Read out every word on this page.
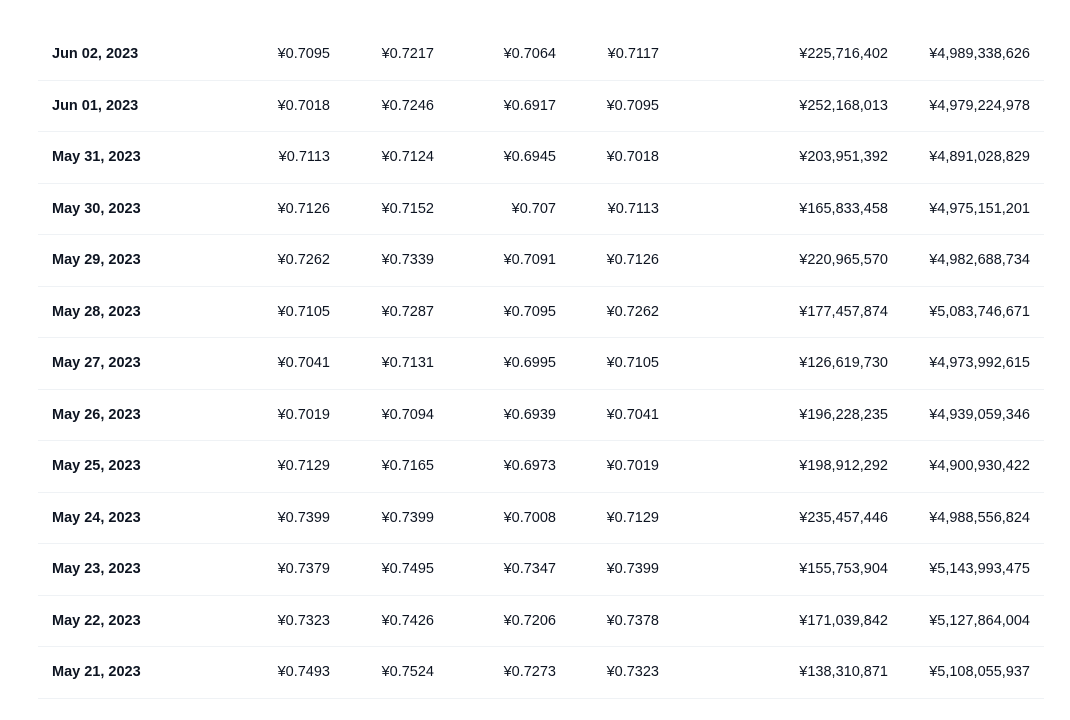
Jun 02, 2023	¥0.7095	¥0.7217	¥0.7064	¥0.7117	¥225,716,402	¥4,989,338,626
Jun 01, 2023	¥0.7018	¥0.7246	¥0.6917	¥0.7095	¥252,168,013	¥4,979,224,978
May 31, 2023	¥0.7113	¥0.7124	¥0.6945	¥0.7018	¥203,951,392	¥4,891,028,829
May 30, 2023	¥0.7126	¥0.7152	¥0.707	¥0.7113	¥165,833,458	¥4,975,151,201
May 29, 2023	¥0.7262	¥0.7339	¥0.7091	¥0.7126	¥220,965,570	¥4,982,688,734
May 28, 2023	¥0.7105	¥0.7287	¥0.7095	¥0.7262	¥177,457,874	¥5,083,746,671
May 27, 2023	¥0.7041	¥0.7131	¥0.6995	¥0.7105	¥126,619,730	¥4,973,992,615
May 26, 2023	¥0.7019	¥0.7094	¥0.6939	¥0.7041	¥196,228,235	¥4,939,059,346
May 25, 2023	¥0.7129	¥0.7165	¥0.6973	¥0.7019	¥198,912,292	¥4,900,930,422
May 24, 2023	¥0.7399	¥0.7399	¥0.7008	¥0.7129	¥235,457,446	¥4,988,556,824
May 23, 2023	¥0.7379	¥0.7495	¥0.7347	¥0.7399	¥155,753,904	¥5,143,993,475
May 22, 2023	¥0.7323	¥0.7426	¥0.7206	¥0.7378	¥171,039,842	¥5,127,864,004
May 21, 2023	¥0.7493	¥0.7524	¥0.7273	¥0.7323	¥138,310,871	¥5,108,055,937
